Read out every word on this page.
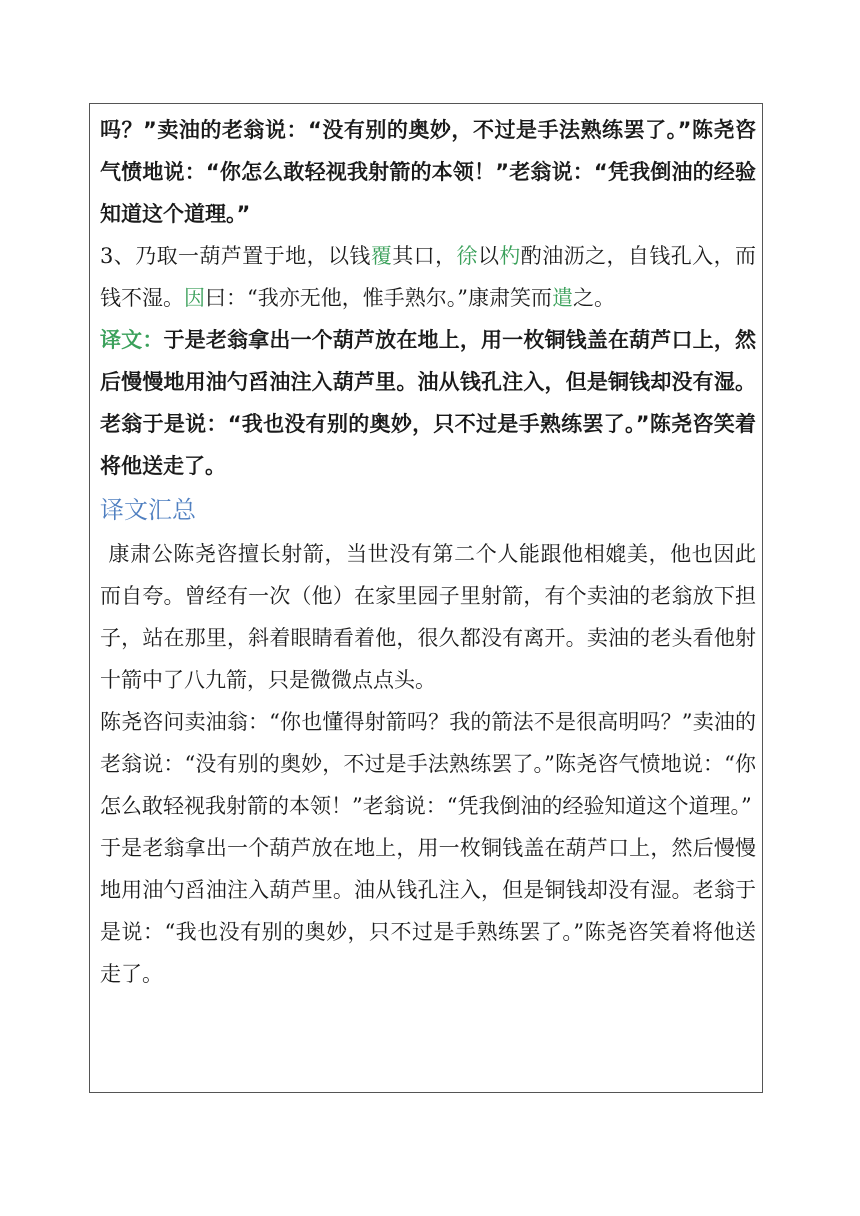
吗？”卖油的老翁说：“没有别的奥妙，不过是手法熟练罢了。”陈尧咨气愤地说：“你怎么敢轻视我射箭的本领！”老翁说：“凭我倒油的经验知道这个道理。”

3、乃取一葫芦置于地，以钱覆其口，徐以杓酌油沥之，自钱孔入，而钱不湿。因曰：“我亦无他，惟手熟尔。”康肃笑而遣之。

译文：于是老翁拿出一个葫芦放在地上，用一枚铜钱盖在葫芦口上，然后慢慢地用油勺舀油注入葫芦里。油从钱孔注入，但是铜钱却没有湿。老翁于是说：“我也没有别的奥妙，只不过是手熟练罢了。”陈尧咨笑着将他送走了。

译文汇总

康肃公陈尧咨擅长射箭，当世没有第二个人能跟他相媲美，他也因此而自夸。曾经有一次（他）在家里园子里射箭，有个卖油的老翁放下担子，站在那里，斜着眼睛看着他，很久都没有离开。卖油的老头看他射十箭中了八九箭，只是微微点点头。

陈尧咨问卖油翁：“你也懂得射箭吗？我的箭法不是很高明吗？”卖油的老翁说：“没有别的奥妙，不过是手法熟练罢了。”陈尧咨气愤地说：“你怎么敢轻视我射箭的本领！”老翁说：“凭我倒油的经验知道这个道理。”

于是老翁拿出一个葫芦放在地上，用一枚铜钱盖在葫芦口上，然后慢慢地用油勺舀油注入葫芦里。油从钱孔注入，但是铜钱却没有湿。老翁于是说：“我也没有别的奥妙，只不过是手熟练罢了。”陈尧咨笑着将他送走了。
